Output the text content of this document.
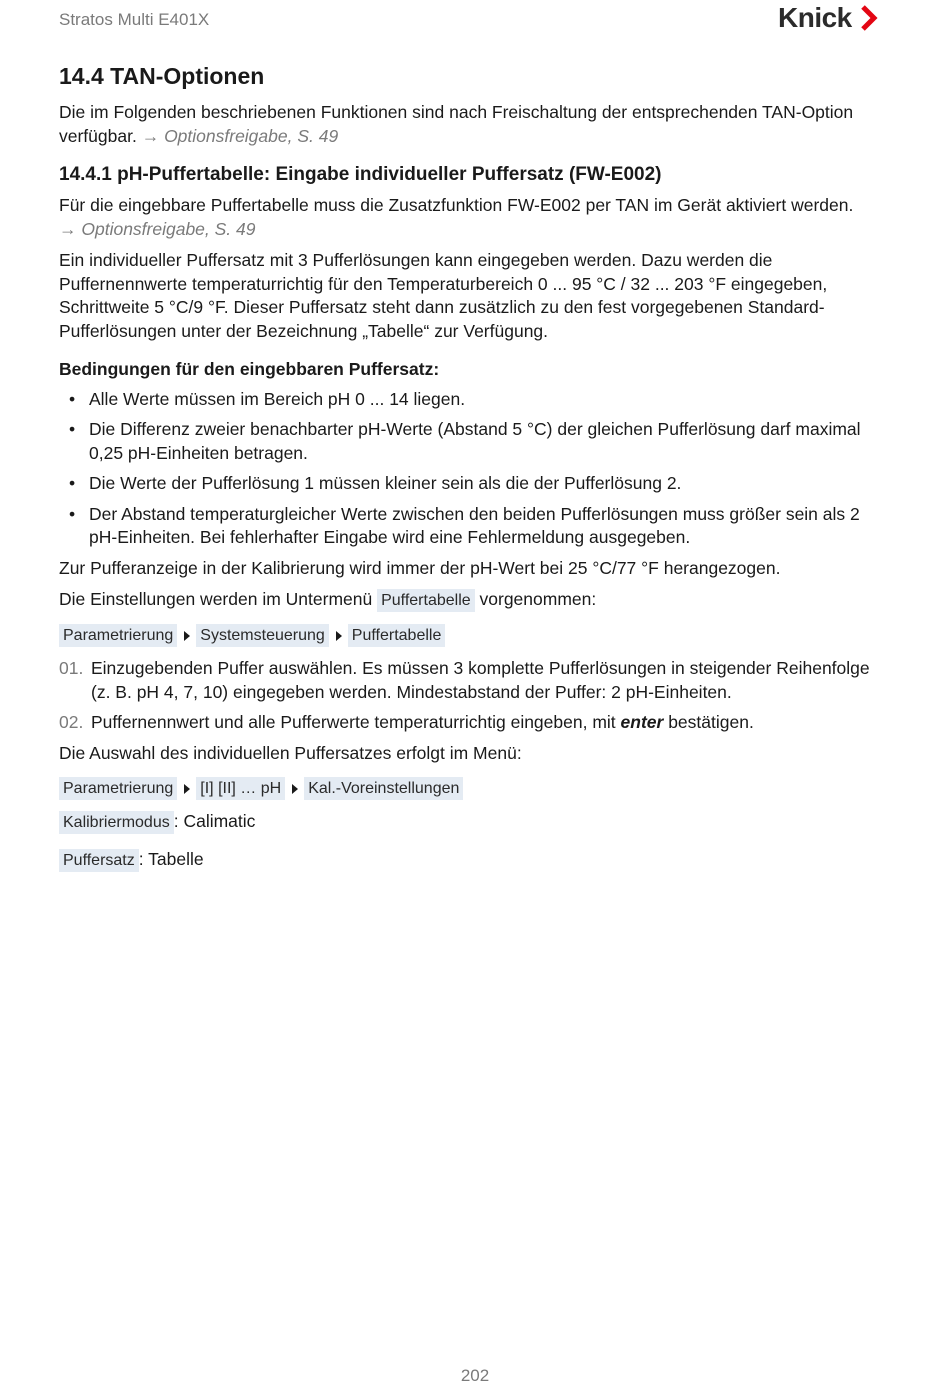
Stratos Multi E401X	Knick
14.4 TAN-Optionen

Die im Folgenden beschriebenen Funktionen sind nach Freischaltung der entsprechenden TAN-Option verfügbar. → Optionsfreigabe, S. 49

14.4.1 pH-Puffertabelle: Eingabe individueller Puffersatz (FW-E002)

Für die eingebbare Puffertabelle muss die Zusatzfunktion FW-E002 per TAN im Gerät aktiviert werden.
→ Optionsfreigabe, S. 49

Ein individueller Puffersatz mit 3 Pufferlösungen kann eingegeben werden. Dazu werden die Puffernennwerte temperaturrichtig für den Temperaturbereich 0 ... 95 °C / 32 ... 203 °F eingegeben, Schrittweite 5 °C/9 °F. Dieser Puffersatz steht dann zusätzlich zu den fest vorgegebenen Standard-Pufferlösungen unter der Bezeichnung „Tabelle“ zur Verfügung.

Bedingungen für den eingebbaren Puffersatz:
• Alle Werte müssen im Bereich pH 0 ... 14 liegen.
• Die Differenz zweier benachbarter pH-Werte (Abstand 5 °C) der gleichen Pufferlösung darf maximal 0,25 pH-Einheiten betragen.
• Die Werte der Pufferlösung 1 müssen kleiner sein als die der Pufferlösung 2.
• Der Abstand temperaturgleicher Werte zwischen den beiden Pufferlösungen muss größer sein als 2 pH-Einheiten. Bei fehlerhafter Eingabe wird eine Fehlermeldung ausgegeben.

Zur Pufferanzeige in der Kalibrierung wird immer der pH-Wert bei 25 °C/77 °F herangezogen.

Die Einstellungen werden im Untermenü Puffertabelle vorgenommen:

Parametrierung Systemsteuerung Puffertabelle
01. Einzugebenden Puffer auswählen. Es müssen 3 komplette Pufferlösungen in steigender Reihenfolge (z. B. pH 4, 7, 10) eingegeben werden. Mindestabstand der Puffer: 2 pH-Einheiten.
02. Puffernennwert und alle Pufferwerte temperaturrichtig eingeben, mit enter bestätigen.

Die Auswahl des individuellen Puffersatzes erfolgt im Menü:

Parametrierung [I] [II] … pH Kal.-Voreinstellungen
Kalibriermodus : Calimatic
Puffersatz : Tabelle
202
